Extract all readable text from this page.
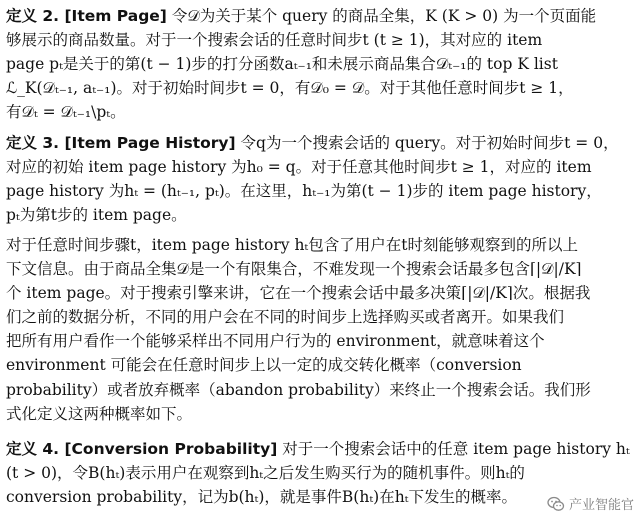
定义 2. [Item Page] 令𝒟为关于某个 query 的商品全集，K (K > 0) 为一个页面能
够展示的商品数量。对于一个搜索会话的任意时间步t (t ≥ 1)，其对应的 item
page pₜ是关于的第(t − 1)步的打分函数aₜ₋₁和未展示商品集合𝒟ₜ₋₁的 top K list
ℒ_K(𝒟ₜ₋₁, aₜ₋₁)。对于初始时间步t = 0，有𝒟₀ = 𝒟。对于其他任意时间步t ≥ 1，
有𝒟ₜ = 𝒟ₜ₋₁\pₜ。
定义 3. [Item Page History] 令q为一个搜索会话的 query。对于初始时间步t = 0，
对应的初始 item page history 为h₀ = q。对于任意其他时间步t ≥ 1，对应的 item
page history 为hₜ = (hₜ₋₁, pₜ)。在这里，hₜ₋₁为第(t − 1)步的 item page history，
pₜ为第t步的 item page。
对于任意时间步骤t，item page history hₜ包含了用户在t时刻能够观察到的所以上
下文信息。由于商品全集𝒟是一个有限集合，不难发现一个搜索会话最多包含⌈|𝒟|/K⌉
个 item page。对于搜索引擎来讲，它在一个搜索会话中最多决策⌈|𝒟|/K⌉次。根据我
们之前的数据分析，不同的用户会在不同的时间步上选择购买或者离开。如果我们
把所有用户看作一个能够采样出不同用户行为的 environment，就意味着这个
environment 可能会在任意时间步上以一定的成交转化概率（conversion
probability）或者放弃概率（abandon probability）来终止一个搜索会话。我们形
式化定义这两种概率如下。
定义 4. [Conversion Probability] 对于一个搜索会话中的任意 item page history hₜ
(t > 0)，令B(hₜ)表示用户在观察到hₜ之后发生购买行为的随机事件。则hₜ的
conversion probability，记为b(hₜ)，就是事件B(hₜ)在hₜ下发生的概率。	产业智能官
